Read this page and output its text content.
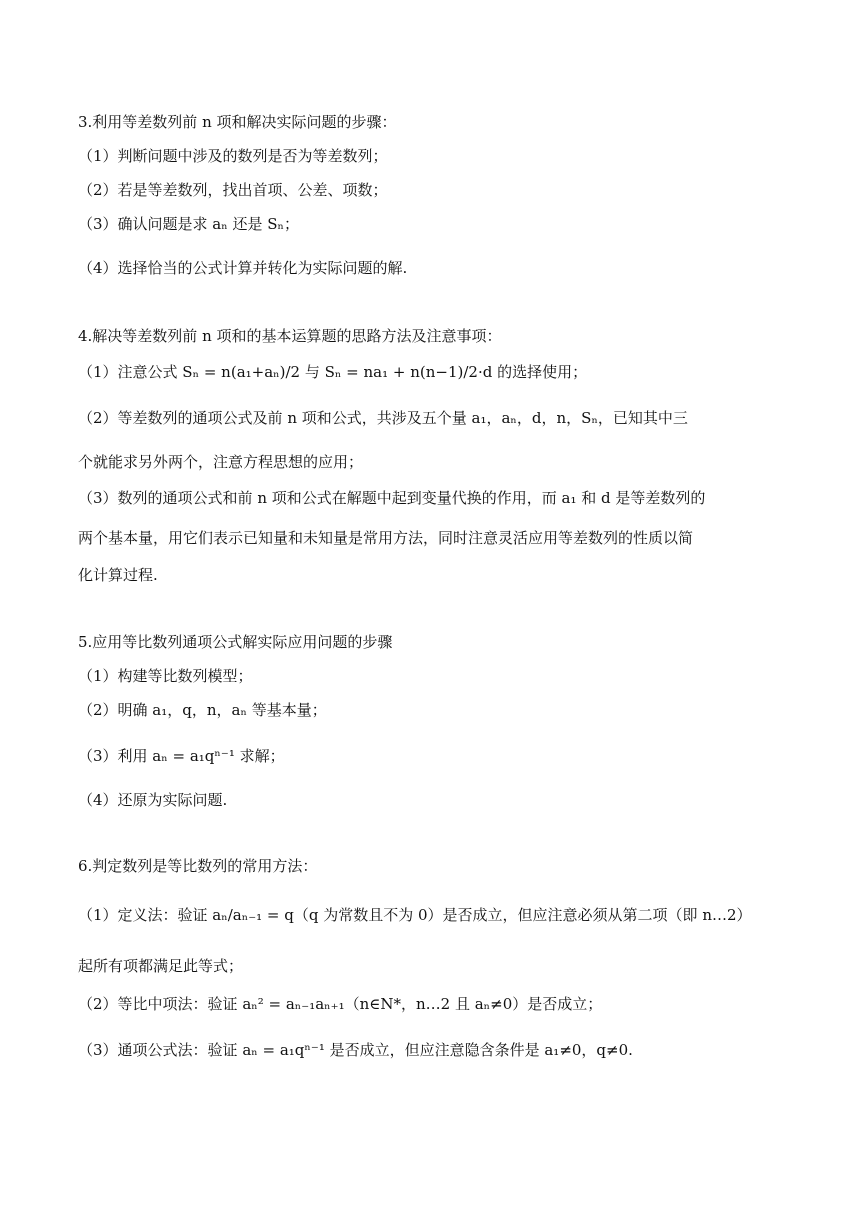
3.利用等差数列前 n 项和解决实际问题的步骤：
（1）判断问题中涉及的数列是否为等差数列；
（2）若是等差数列，找出首项、公差、项数；
（3）确认问题是求 aₙ 还是 Sₙ；
（4）选择恰当的公式计算并转化为实际问题的解.
4.解决等差数列前 n 项和的基本运算题的思路方法及注意事项：
（1）注意公式 Sₙ = n(a₁+aₙ)/2 与 Sₙ = na₁ + n(n−1)/2·d 的选择使用；
（2）等差数列的通项公式及前 n 项和公式，共涉及五个量 a₁，aₙ，d，n，Sₙ，已知其中三
个就能求另外两个，注意方程思想的应用；
（3）数列的通项公式和前 n 项和公式在解题中起到变量代换的作用，而 a₁ 和 d 是等差数列的
两个基本量，用它们表示已知量和未知量是常用方法，同时注意灵活应用等差数列的性质以简
化计算过程.
5.应用等比数列通项公式解实际应用问题的步骤
（1）构建等比数列模型；
（2）明确 a₁，q，n，aₙ 等基本量；
（3）利用 aₙ = a₁qⁿ⁻¹ 求解；
（4）还原为实际问题.
6.判定数列是等比数列的常用方法：
（1）定义法：验证 aₙ/aₙ₋₁ = q（q 为常数且不为 0）是否成立，但应注意必须从第二项（即 n…2）
起所有项都满足此等式；
（2）等比中项法：验证 aₙ² = aₙ₋₁aₙ₊₁（n∈N*，n…2 且 aₙ≠0）是否成立；
（3）通项公式法：验证 aₙ = a₁qⁿ⁻¹ 是否成立，但应注意隐含条件是 a₁≠0，q≠0.
